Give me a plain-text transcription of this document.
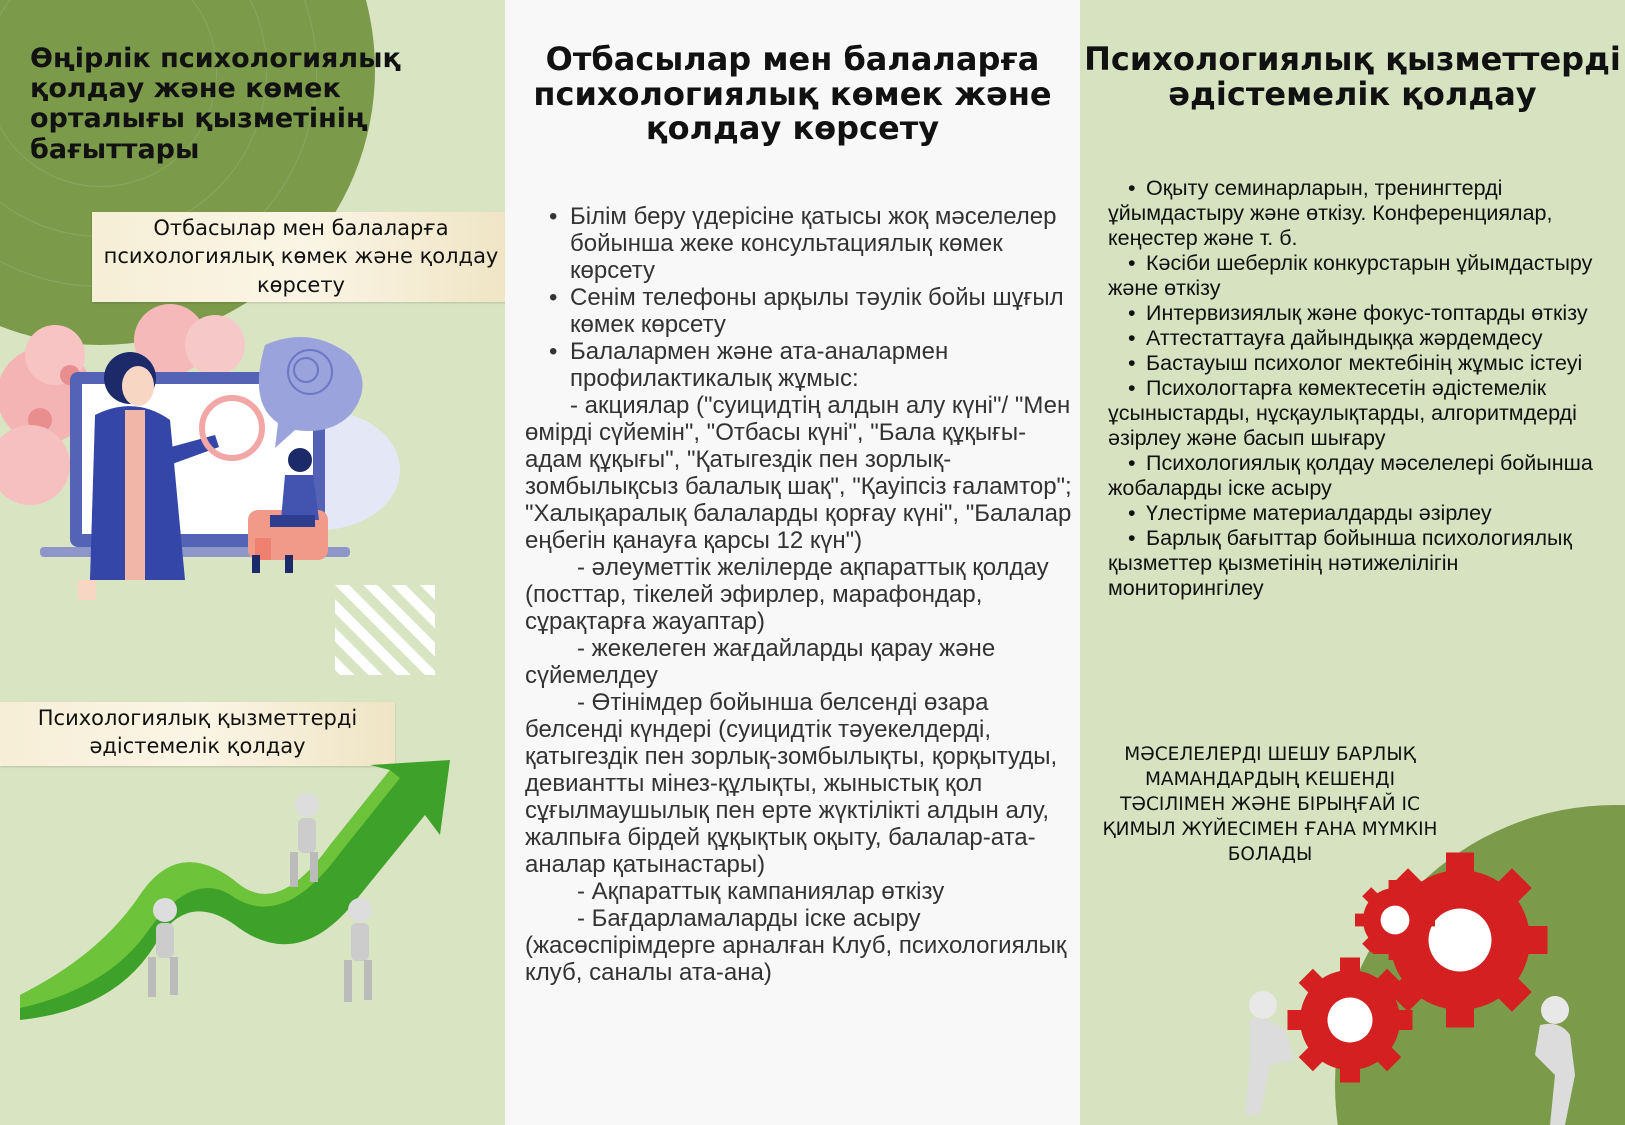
Өңірлік психологиялық қолдау және көмек орталығы қызметінің бағыттары
Отбасылар мен балаларға психологиялық көмек және қолдау көрсету
Психологиялық қызметтерді әдістемелік қолдау
Отбасылар мен балаларға психологиялық көмек және қолдау көрсету
• Білім беру үдерісіне қатысы жоқ мәселелер бойынша жеке консультациялық көмек көрсету
• Сенім телефоны арқылы тәулік бойы шұғыл көмек көрсету
• Балалармен және ата-аналармен профилактикалық жұмыс:
- акциялар ("суицидтің алдын алу күні"/ "Мен өмірді сүйемін", "Отбасы күні", "Бала құқығы-адам құқығы", "Қатыгездік пен зорлық-зомбылықсыз балалық шақ", "Қауіпсіз ғаламтор"; "Халықаралық балаларды қорғау күні", "Балалар еңбегін қанауға қарсы 12 күн")
- әлеуметтік желілерде ақпараттық қолдау (посттар, тікелей эфирлер, марафондар, сұрақтарға жауаптар)
- жекелеген жағдайларды қарау және сүйемелдеу
- Өтінімдер бойынша белсенді өзара белсенді күндері (суицидтік тәуекелдерді, қатыгездік пен зорлық-зомбылықты, қорқытуды, девиантты мінез-құлықты, жыныстық қол сұғылмаушылық пен ерте жүктілікті алдын алу, жалпыға бірдей құқықтық оқыту, балалар-ата-аналар қатынастары)
- Ақпараттық кампаниялар өткізу
- Бағдарламаларды іске асыру (жасөспірімдерге арналған Клуб, психологиялық клуб, саналы ата-ана)
Психологиялық қызметтерді әдістемелік қолдау
• Оқыту семинарларын, тренингтерді ұйымдастыру және өткізу. Конференциялар, кеңестер және т. б.
• Кәсіби шеберлік конкурстарын ұйымдастыру және өткізу
• Интервизиялық және фокус-топтарды өткізу
• Аттестаттауға дайындыққа жәрдемдесу
• Бастауыш психолог мектебінің жұмыс істеуі
• Психологтарға көмектесетін әдістемелік ұсыныстарды, нұсқаулықтарды, алгоритмдерді әзірлеу және басып шығару
• Психологиялық қолдау мәселелері бойынша жобаларды іске асыру
• Үлестірме материалдарды әзірлеу
• Барлық бағыттар бойынша психологиялық қызметтер қызметінің нәтижелілігін мониторингілеу
МӘСЕЛЕЛЕРДІ ШЕШУ БАРЛЫҚ МАМАНДАРДЫҢ КЕШЕНДІ ТӘСІЛІМЕН ЖӘНЕ БІРЫҢҒАЙ ІС ҚИМЫЛ ЖҮЙЕСІМЕН ҒАНА МҮМКІН БОЛАДЫ
